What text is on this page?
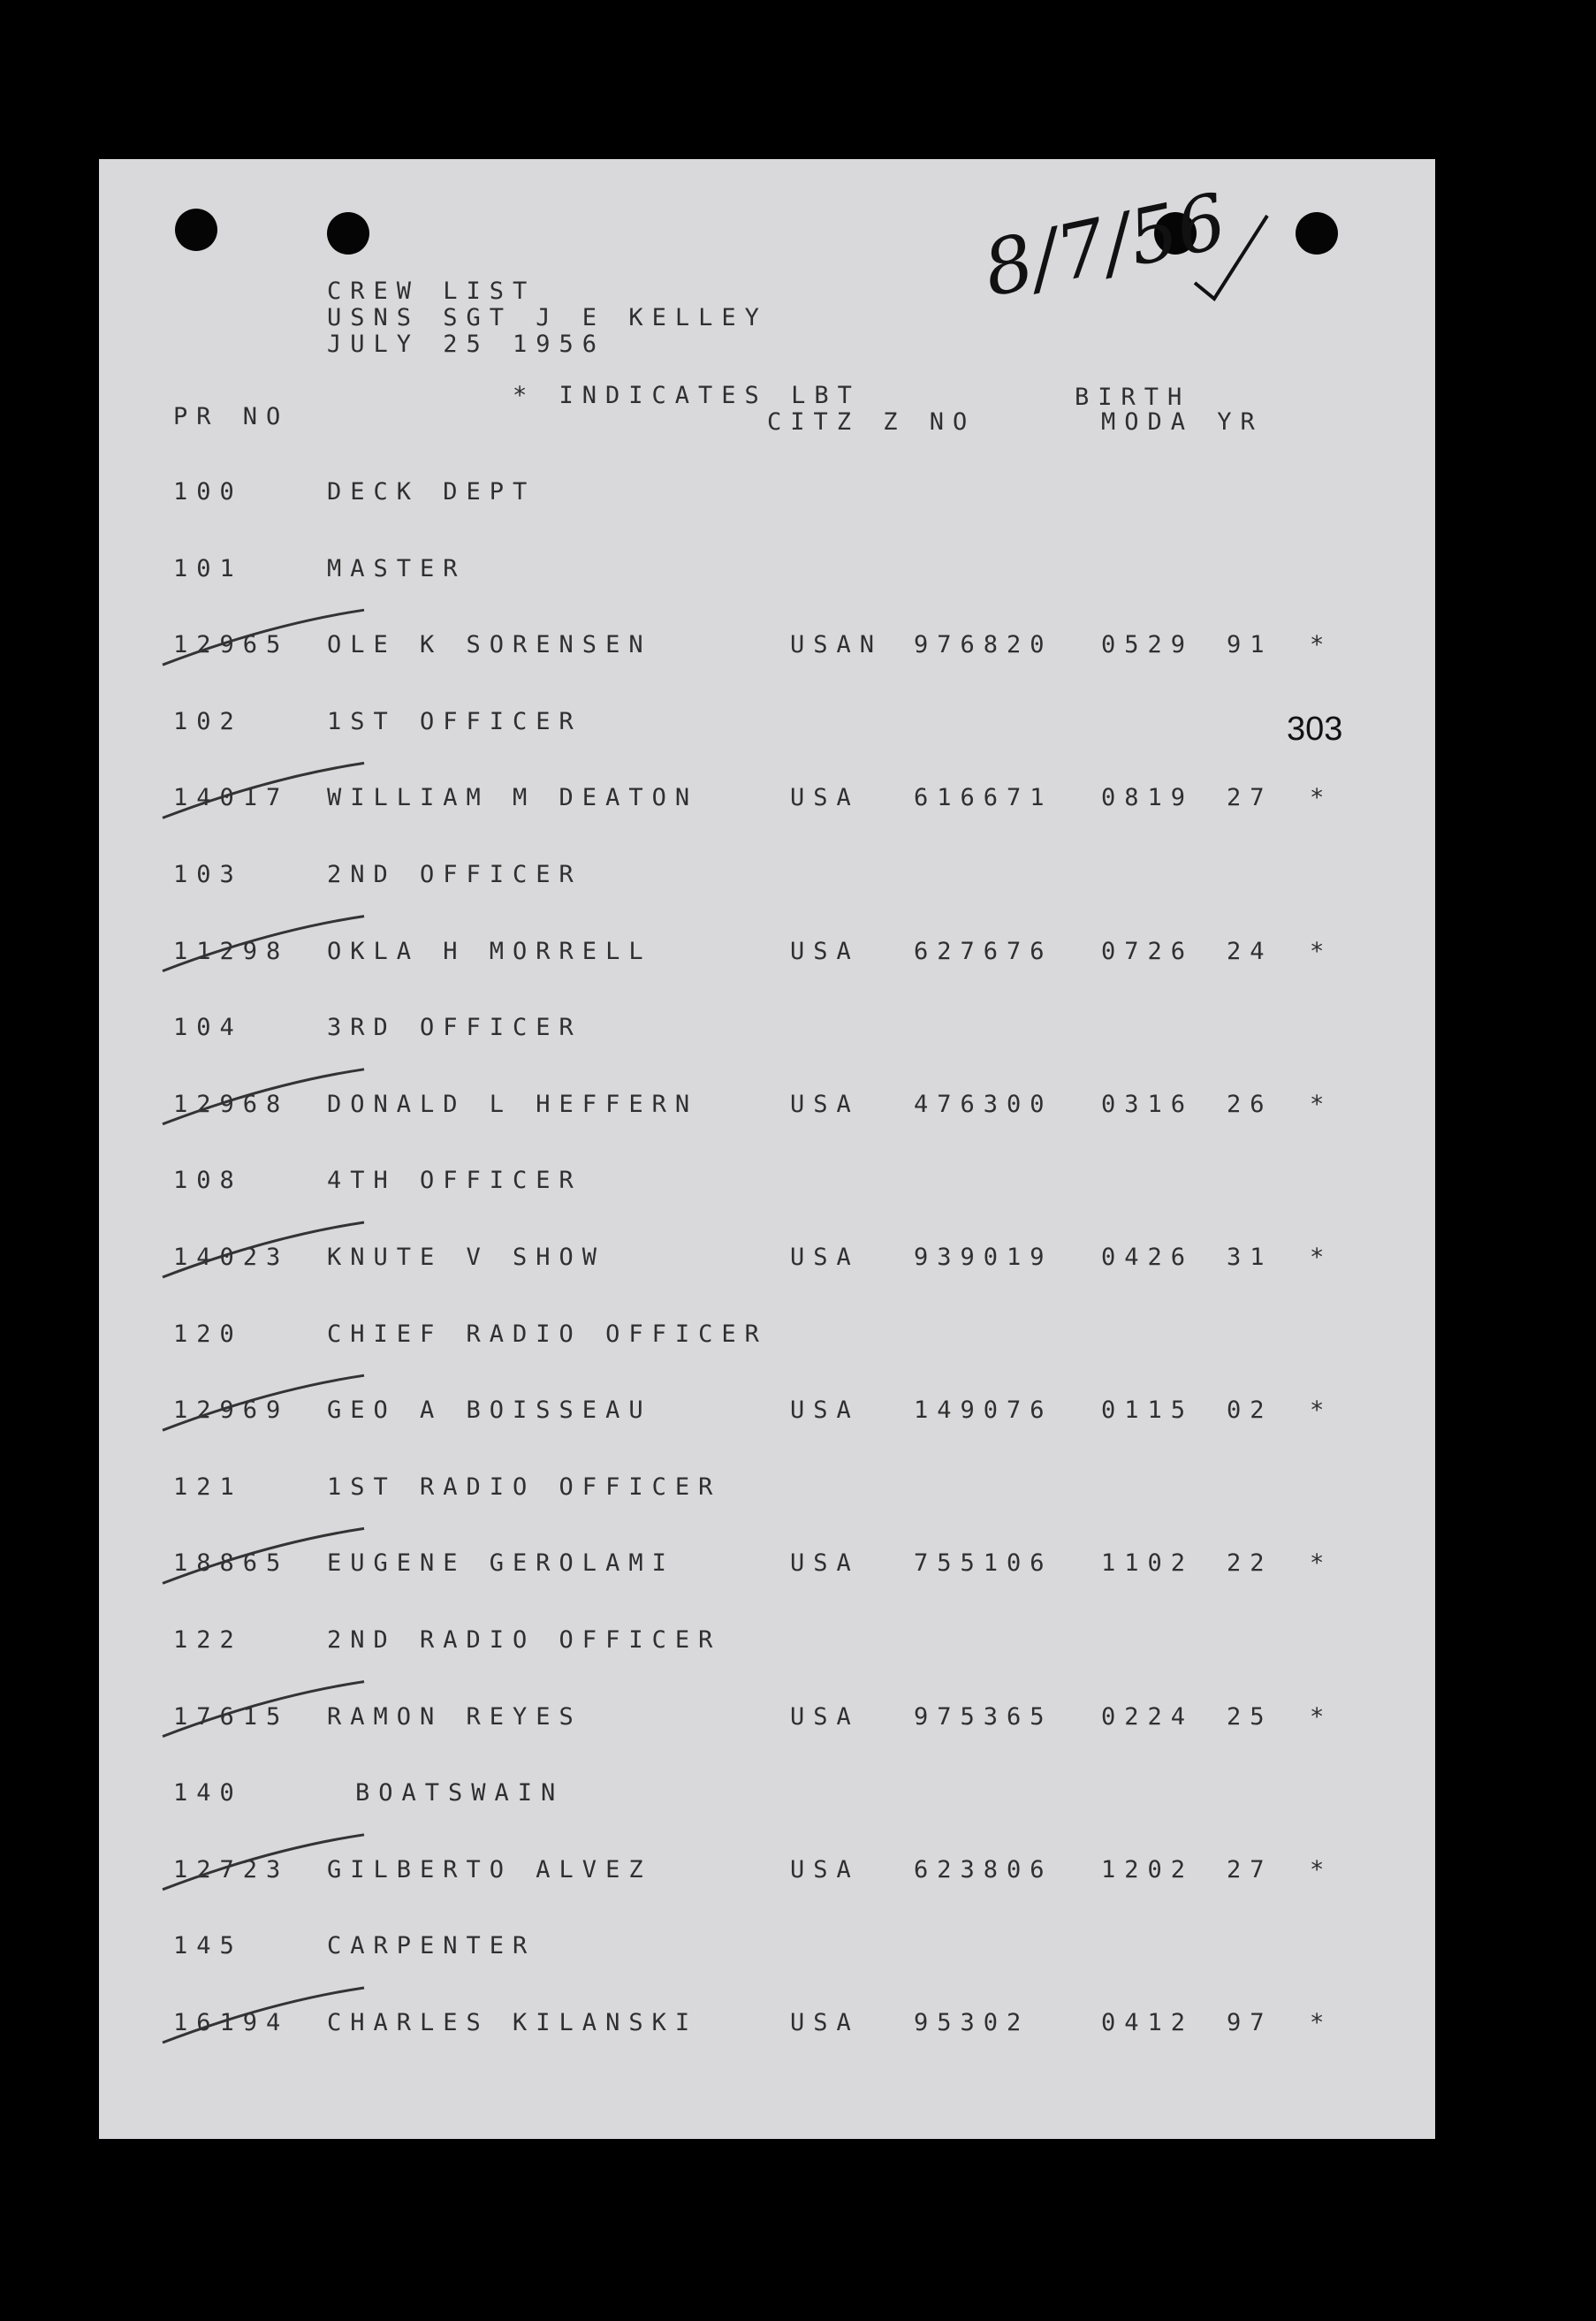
8/7/56
303
CREW LIST
USNS SGT J E KELLEY
JULY 25 1956
PR NO
* INDICATES LBT
CITZ Z NO
BIRTH
MODA YR
100	DECK DEPT
101	MASTER
12965 OLE K SORENSEN	USAN 976820 0529 91 *
102	1ST OFFICER
14017 WILLIAM M DEATON	USA 616671 0819 27 *
103	2ND OFFICER
11298 OKLA H MORRELL	USA 627676 0726 24 *
104	3RD OFFICER
12968 DONALD L HEFFERN	USA 476300 0316 26 *
108	4TH OFFICER
14023 KNUTE V SHOW	USA 939019 0426 31 *
120	CHIEF RADIO OFFICER
12969 GEO A BOISSEAU	USA 149076 0115 02 *
121	1ST RADIO OFFICER
18865 EUGENE GEROLAMI	USA 755106 1102 22 *
122	2ND RADIO OFFICER
17615 RAMON REYES	USA 975365 0224 25 *
140	BOATSWAIN
12723 GILBERTO ALVEZ	USA 623806 1202 27 *
145	CARPENTER
16194 CHARLES KILANSKI	USA 95302	0412 97 *
